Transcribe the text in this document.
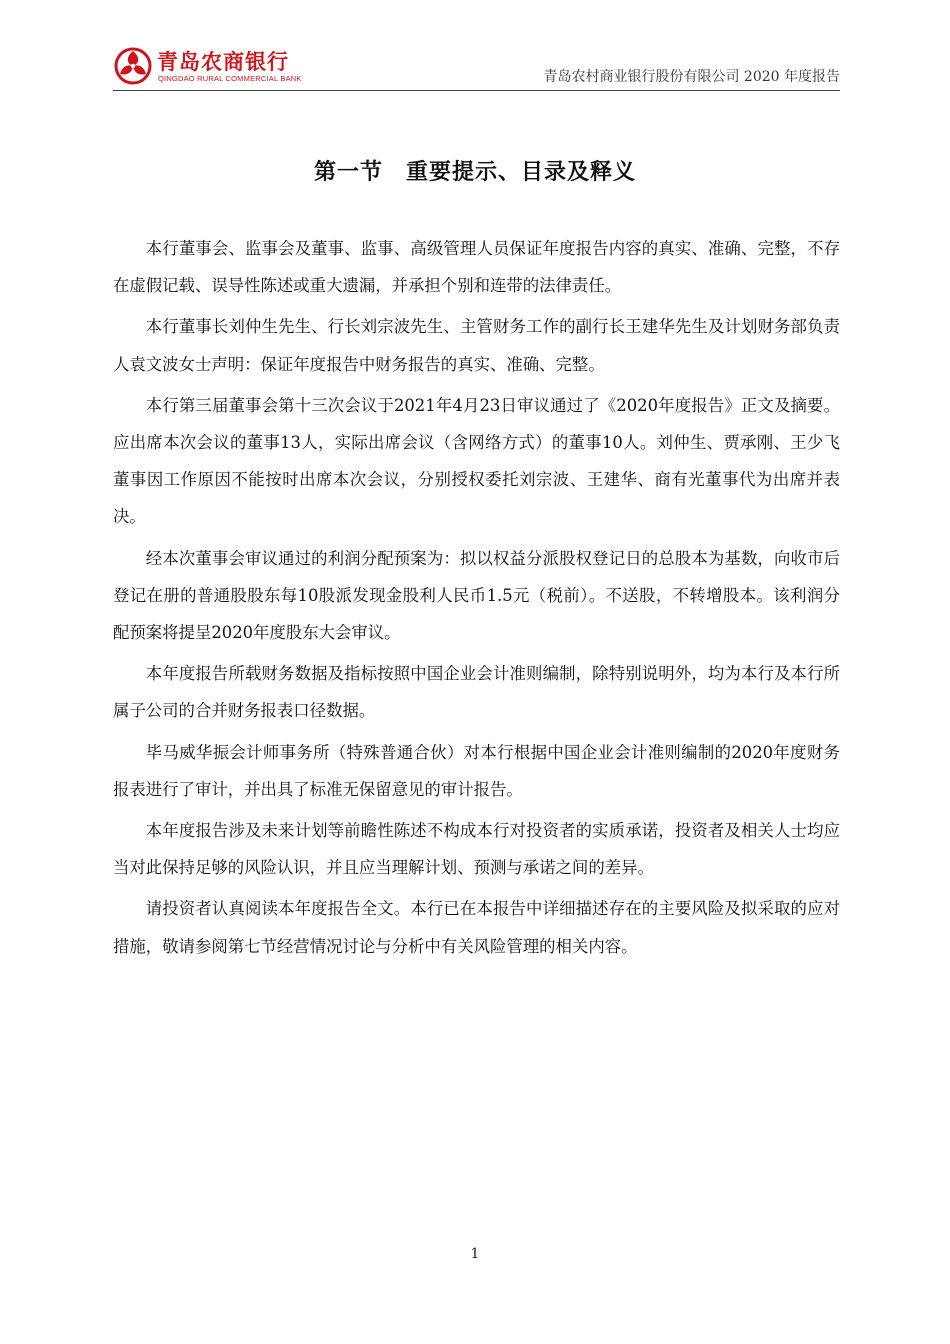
青岛农商银行
QINGDAO RURAL COMMERCIAL BANK	青岛农村商业银行股份有限公司 2020 年度报告
第一节　重要提示、目录及释义

本行董事会、监事会及董事、监事、高级管理人员保证年度报告内容的真实、准确、完整，不存在虚假记载、误导性陈述或重大遗漏，并承担个别和连带的法律责任。

本行董事长刘仲生先生、行长刘宗波先生、主管财务工作的副行长王建华先生及计划财务部负责人袁文波女士声明：保证年度报告中财务报告的真实、准确、完整。

本行第三届董事会第十三次会议于2021年4月23日审议通过了《2020年度报告》正文及摘要。应出席本次会议的董事13人，实际出席会议（含网络方式）的董事10人。刘仲生、贾承刚、王少飞董事因工作原因不能按时出席本次会议，分别授权委托刘宗波、王建华、商有光董事代为出席并表决。

经本次董事会审议通过的利润分配预案为：拟以权益分派股权登记日的总股本为基数，向收市后登记在册的普通股股东每10股派发现金股利人民币1.5元（税前）。不送股，不转增股本。该利润分配预案将提呈2020年度股东大会审议。

本年度报告所载财务数据及指标按照中国企业会计准则编制，除特别说明外，均为本行及本行所属子公司的合并财务报表口径数据。

毕马威华振会计师事务所（特殊普通合伙）对本行根据中国企业会计准则编制的2020年度财务报表进行了审计，并出具了标准无保留意见的审计报告。

本年度报告涉及未来计划等前瞻性陈述不构成本行对投资者的实质承诺，投资者及相关人士均应当对此保持足够的风险认识，并且应当理解计划、预测与承诺之间的差异。

请投资者认真阅读本年度报告全文。本行已在本报告中详细描述存在的主要风险及拟采取的应对措施，敬请参阅第七节经营情况讨论与分析中有关风险管理的相关内容。

1
